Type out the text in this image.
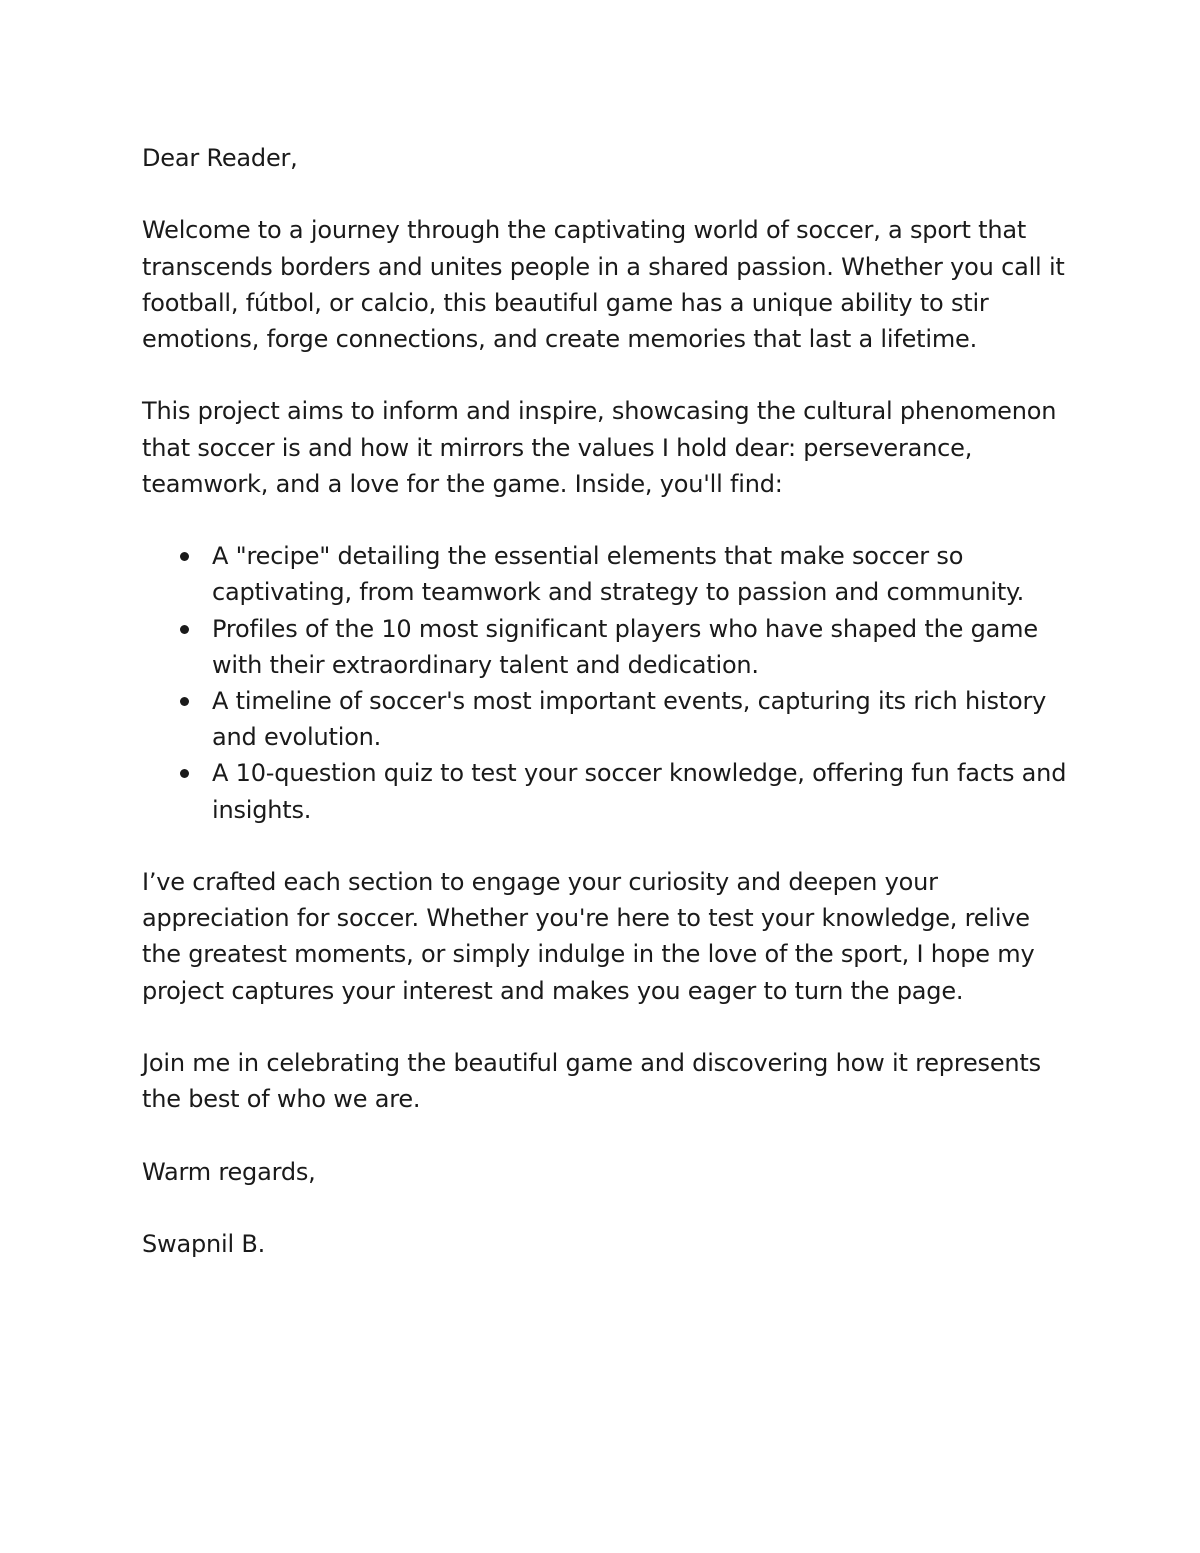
Dear Reader,

Welcome to a journey through the captivating world of soccer, a sport that transcends borders and unites people in a shared passion. Whether you call it football, fútbol, or calcio, this beautiful game has a unique ability to stir emotions, forge connections, and create memories that last a lifetime.

This project aims to inform and inspire, showcasing the cultural phenomenon that soccer is and how it mirrors the values I hold dear: perseverance, teamwork, and a love for the game. Inside, you'll find:

A "recipe" detailing the essential elements that make soccer so captivating, from teamwork and strategy to passion and community.
Profiles of the 10 most significant players who have shaped the game with their extraordinary talent and dedication.
A timeline of soccer's most important events, capturing its rich history and evolution.
A 10-question quiz to test your soccer knowledge, offering fun facts and insights.

I’ve crafted each section to engage your curiosity and deepen your appreciation for soccer. Whether you're here to test your knowledge, relive the greatest moments, or simply indulge in the love of the sport, I hope my project captures your interest and makes you eager to turn the page.

Join me in celebrating the beautiful game and discovering how it represents the best of who we are.

Warm regards,

Swapnil B.
